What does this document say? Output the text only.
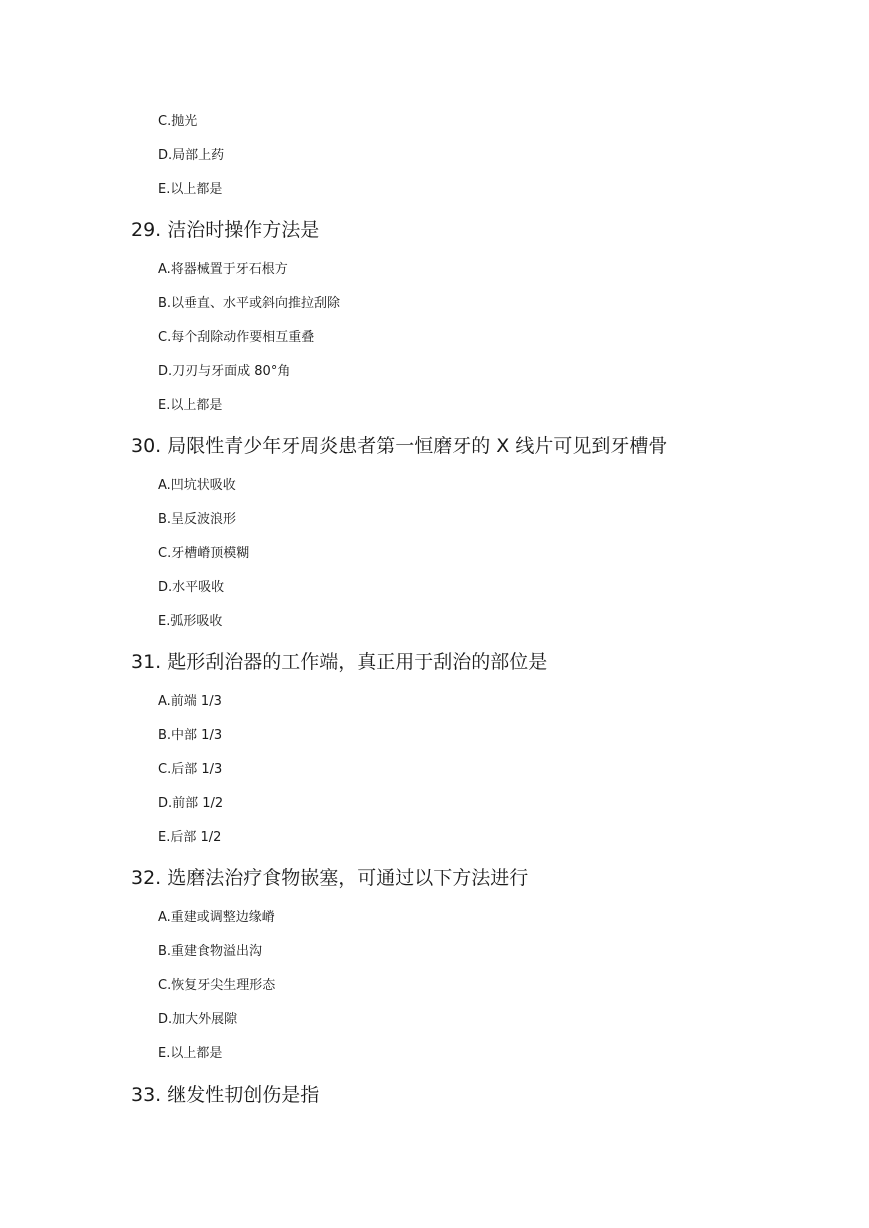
C.抛光
D.局部上药
E.以上都是
29. 洁治时操作方法是
A.将器械置于牙石根方
B.以垂直、水平或斜向推拉刮除
C.每个刮除动作要相互重叠
D.刀刃与牙面成 80°角
E.以上都是
30. 局限性青少年牙周炎患者第一恒磨牙的 X 线片可见到牙槽骨
A.凹坑状吸收
B.呈反波浪形
C.牙槽嵴顶模糊
D.水平吸收
E.弧形吸收
31. 匙形刮治器的工作端，真正用于刮治的部位是
A.前端 1/3
B.中部 1/3
C.后部 1/3
D.前部 1/2
E.后部 1/2
32. 选磨法治疗食物嵌塞，可通过以下方法进行
A.重建或调整边缘嵴
B.重建食物溢出沟
C.恢复牙尖生理形态
D.加大外展隙
E.以上都是
33. 继发性㓞创伤是指
